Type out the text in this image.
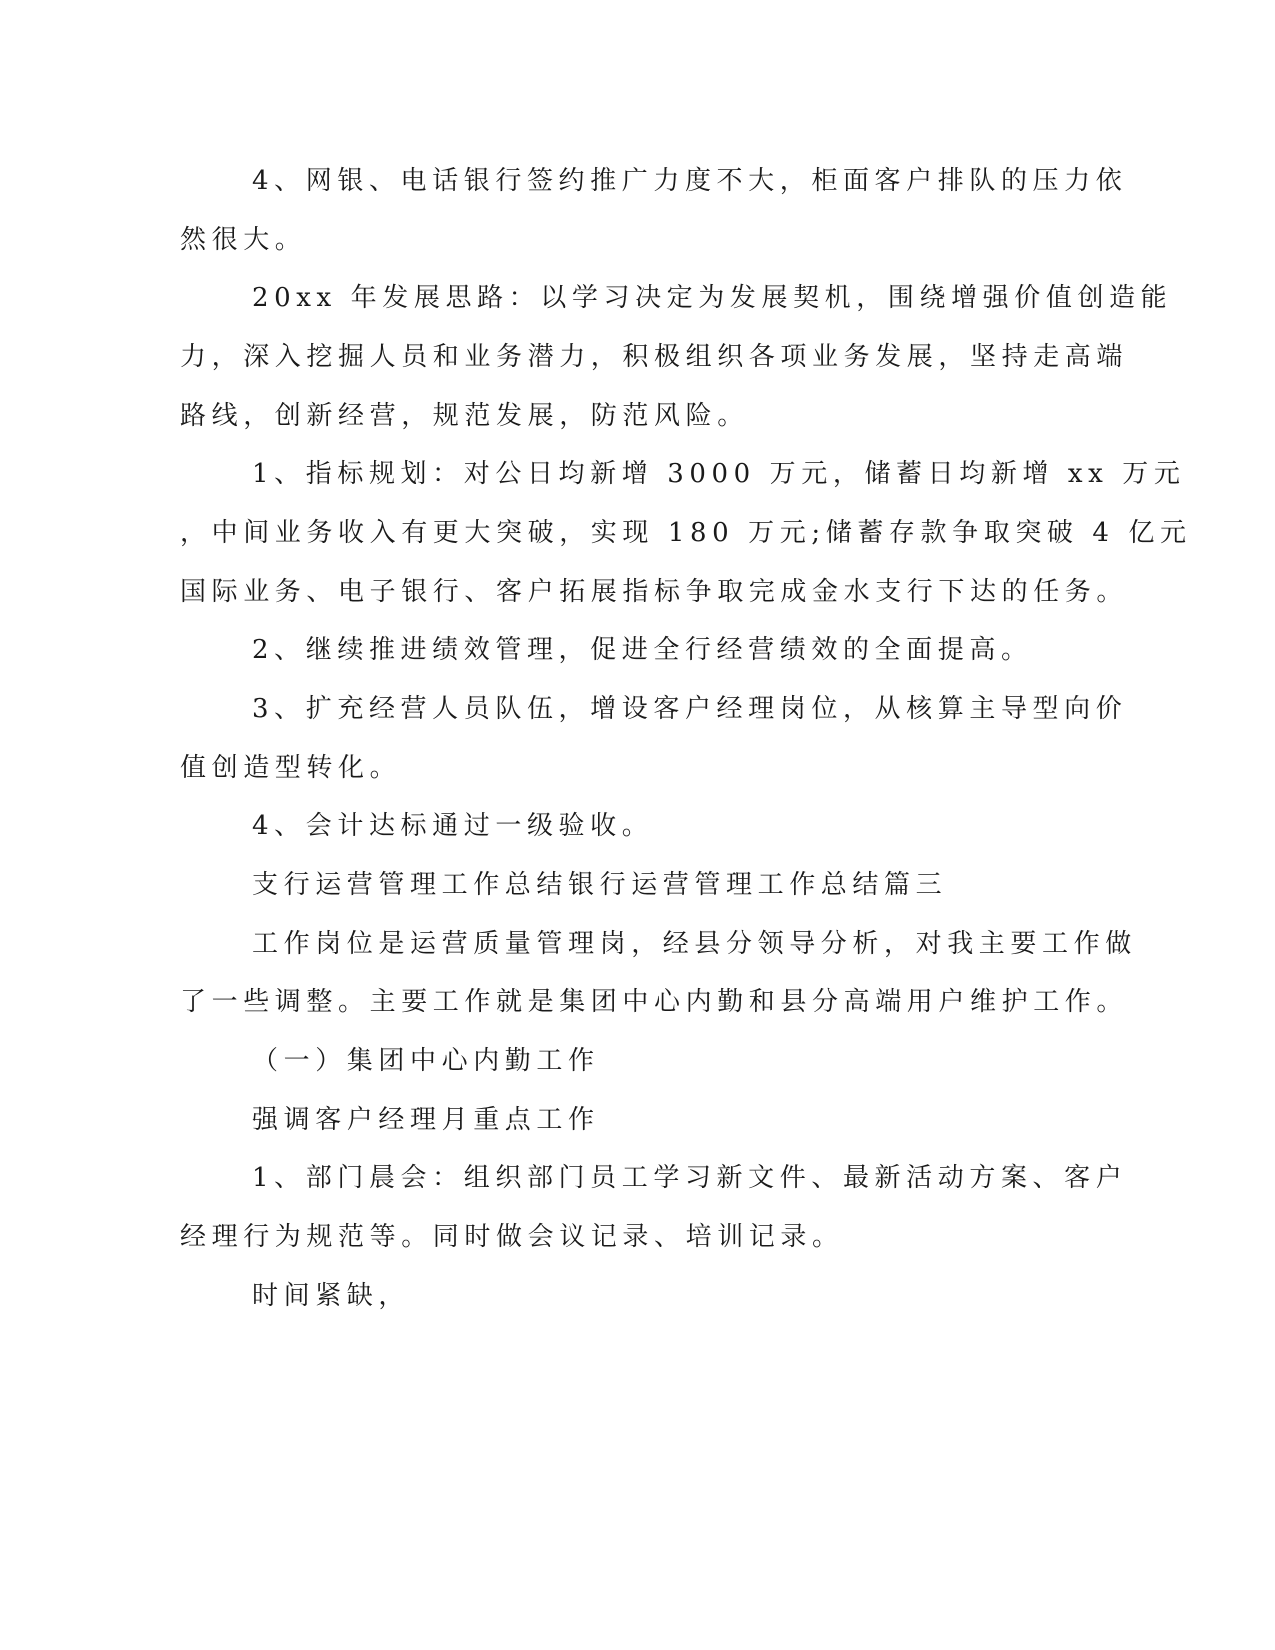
4、网银、电话银行签约推广力度不大，柜面客户排队的压力依
然很大。
20xx 年发展思路：以学习决定为发展契机，围绕增强价值创造能
力，深入挖掘人员和业务潜力，积极组织各项业务发展，坚持走高端
路线，创新经营，规范发展，防范风险。
1、指标规划：对公日均新增 3000 万元，储蓄日均新增 xx 万元
，中间业务收入有更大突破，实现 180 万元;储蓄存款争取突破 4 亿元
国际业务、电子银行、客户拓展指标争取完成金水支行下达的任务。
2、继续推进绩效管理，促进全行经营绩效的全面提高。
3、扩充经营人员队伍，增设客户经理岗位，从核算主导型向价
值创造型转化。
4、会计达标通过一级验收。
支行运营管理工作总结银行运营管理工作总结篇三
工作岗位是运营质量管理岗，经县分领导分析，对我主要工作做
了一些调整。主要工作就是集团中心内勤和县分高端用户维护工作。
（一）集团中心内勤工作
强调客户经理月重点工作
1、部门晨会：组织部门员工学习新文件、最新活动方案、客户
经理行为规范等。同时做会议记录、培训记录。
时间紧缺，
